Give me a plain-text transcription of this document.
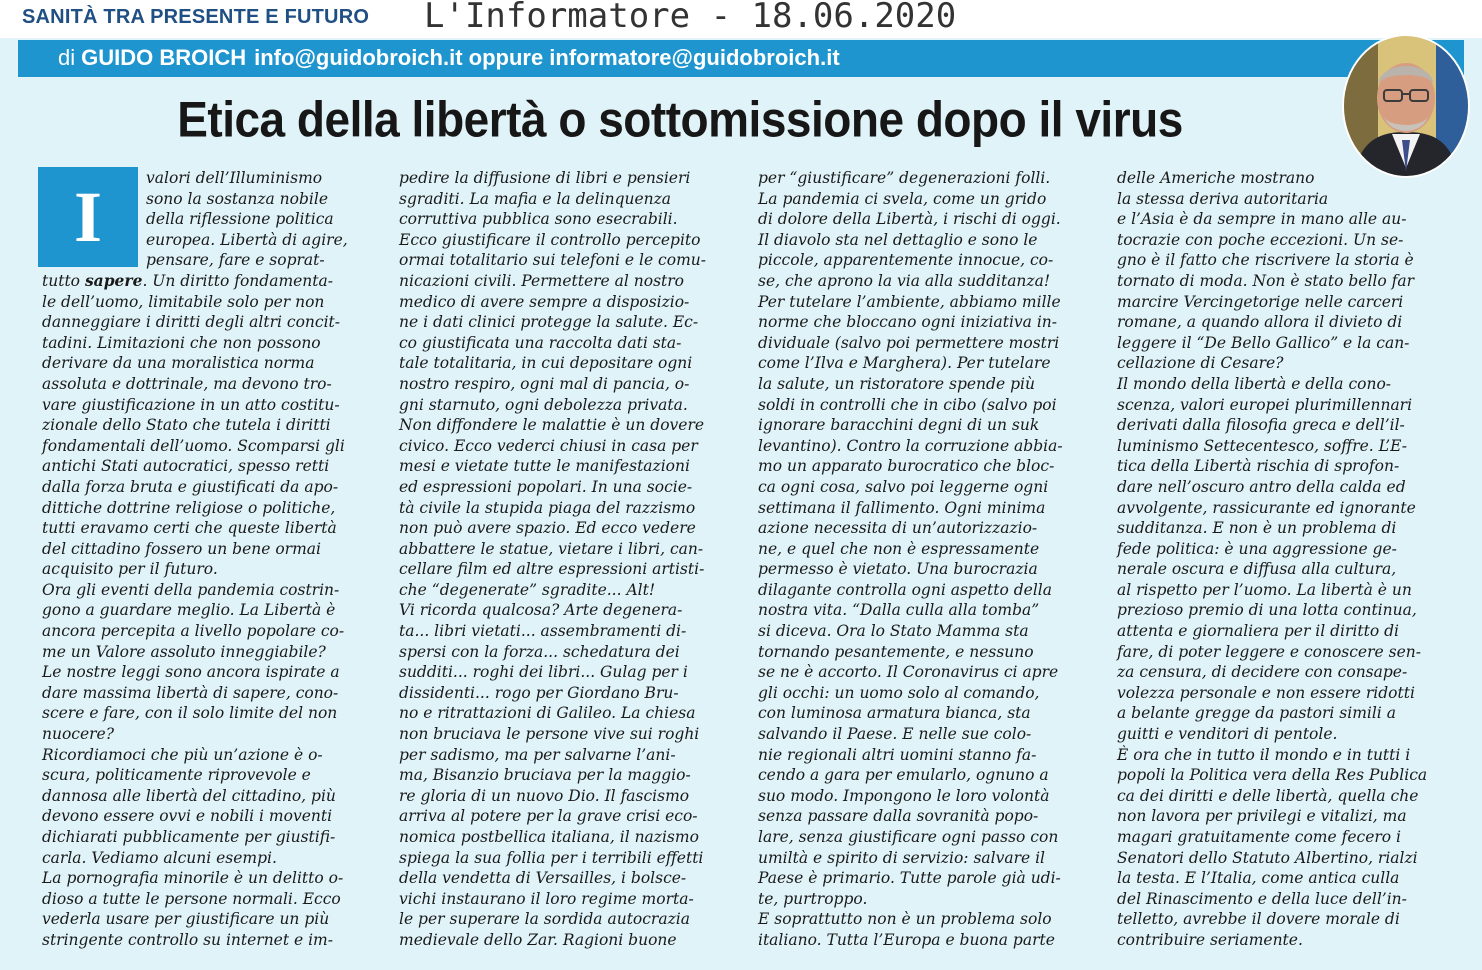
SANITÀ TRA PRESENTE E FUTURO L'Informatore - 18.06.2020
di GUIDO BROICH info@guidobroich.it oppure informatore@guidobroich.it
Etica della libertà o sottomissione dopo il virus
I	valori dell’Illuminismo
sono la sostanza nobile
della riflessione politica
europea. Libertà di agire,
pensare, fare e soprat-
tutto sapere. Un diritto fondamenta-
le dell’uomo, limitabile solo per non
danneggiare i diritti degli altri concit-
tadini. Limitazioni che non possono
derivare da una moralistica norma
assoluta e dottrinale, ma devono tro-
vare giustificazione in un atto costitu-
zionale dello Stato che tutela i diritti
fondamentali dell’uomo. Scomparsi gli
antichi Stati autocratici, spesso retti
dalla forza bruta e giustificati da apo-
dittiche dottrine religiose o politiche,
tutti eravamo certi che queste libertà
del cittadino fossero un bene ormai
acquisito per il futuro.
Ora gli eventi della pandemia costrin-
gono a guardare meglio. La Libertà è
ancora percepita a livello popolare co-
me un Valore assoluto inneggiabile?
Le nostre leggi sono ancora ispirate a
dare massima libertà di sapere, cono-
scere e fare, con il solo limite del non
nuocere?
Ricordiamoci che più un’azione è o-
scura, politicamente riprovevole e
dannosa alle libertà del cittadino, più
devono essere ovvi e nobili i moventi
dichiarati pubblicamente per giustifi-
carla. Vediamo alcuni esempi.
La pornografia minorile è un delitto o-
dioso a tutte le persone normali. Ecco
vederla usare per giustificare un più
stringente controllo su internet e im-
pedire la diffusione di libri e pensieri
sgraditi. La mafia e la delinquenza
corruttiva pubblica sono esecrabili.
Ecco giustificare il controllo percepito
ormai totalitario sui telefoni e le comu-
nicazioni civili. Permettere al nostro
medico di avere sempre a disposizio-
ne i dati clinici protegge la salute. Ec-
co giustificata una raccolta dati sta-
tale totalitaria, in cui depositare ogni
nostro respiro, ogni mal di pancia, o-
gni starnuto, ogni debolezza privata.
Non diffondere le malattie è un dovere
civico. Ecco vederci chiusi in casa per
mesi e vietate tutte le manifestazioni
ed espressioni popolari. In una socie-
tà civile la stupida piaga del razzismo
non può avere spazio. Ed ecco vedere
abbattere le statue, vietare i libri, can-
cellare film ed altre espressioni artisti-
che “degenerate” sgradite... Alt!
Vi ricorda qualcosa? Arte degenera-
ta... libri vietati... assembramenti di-
spersi con la forza... schedatura dei
sudditi... roghi dei libri... Gulag per i
dissidenti... rogo per Giordano Bru-
no e ritrattazioni di Galileo. La chiesa
non bruciava le persone vive sui roghi
per sadismo, ma per salvarne l’ani-
ma, Bisanzio bruciava per la maggio-
re gloria di un nuovo Dio. Il fascismo
arriva al potere per la grave crisi eco-
nomica postbellica italiana, il nazismo
spiega la sua follia per i terribili effetti
della vendetta di Versailles, i bolsce-
vichi instaurano il loro regime morta-
le per superare la sordida autocrazia
medievale dello Zar. Ragioni buone
per “giustificare” degenerazioni folli.
La pandemia ci svela, come un grido
di dolore della Libertà, i rischi di oggi.
Il diavolo sta nel dettaglio e sono le
piccole, apparentemente innocue, co-
se, che aprono la via alla sudditanza!
Per tutelare l’ambiente, abbiamo mille
norme che bloccano ogni iniziativa in-
dividuale (salvo poi permettere mostri
come l’Ilva e Marghera). Per tutelare
la salute, un ristoratore spende più
soldi in controlli che in cibo (salvo poi
ignorare baracchini degni di un suk
levantino). Contro la corruzione abbia-
mo un apparato burocratico che bloc-
ca ogni cosa, salvo poi leggerne ogni
settimana il fallimento. Ogni minima
azione necessita di un’autorizzazio-
ne, e quel che non è espressamente
permesso è vietato. Una burocrazia
dilagante controlla ogni aspetto della
nostra vita. “Dalla culla alla tomba”
si diceva. Ora lo Stato Mamma sta
tornando pesantemente, e nessuno
se ne è accorto. Il Coronavirus ci apre
gli occhi: un uomo solo al comando,
con luminosa armatura bianca, sta
salvando il Paese. E nelle sue colo-
nie regionali altri uomini stanno fa-
cendo a gara per emularlo, ognuno a
suo modo. Impongono le loro volontà
senza passare dalla sovranità popo-
lare, senza giustificare ogni passo con
umiltà e spirito di servizio: salvare il
Paese è primario. Tutte parole già udi-
te, purtroppo.
E soprattutto non è un problema solo
italiano. Tutta l’Europa e buona parte
delle Americhe mostrano
la stessa deriva autoritaria
e l’Asia è da sempre in mano alle au-
tocrazie con poche eccezioni. Un se-
gno è il fatto che riscrivere la storia è
tornato di moda. Non è stato bello far
marcire Vercingetorige nelle carceri
romane, a quando allora il divieto di
leggere il “De Bello Gallico” e la can-
cellazione di Cesare?
Il mondo della libertà e della cono-
scenza, valori europei plurimillennari
derivati dalla filosofia greca e dell’il-
luminismo Settecentesco, soffre. L’E-
tica della Libertà rischia di sprofon-
dare nell’oscuro antro della calda ed
avvolgente, rassicurante ed ignorante
sudditanza. E non è un problema di
fede politica: è una aggressione ge-
nerale oscura e diffusa alla cultura,
al rispetto per l’uomo. La libertà è un
prezioso premio di una lotta continua,
attenta e giornaliera per il diritto di
fare, di poter leggere e conoscere sen-
za censura, di decidere con consape-
volezza personale e non essere ridotti
a belante gregge da pastori simili a
guitti e venditori di pentole.
È ora che in tutto il mondo e in tutti i
popoli la Politica vera della Res Publica
ca dei diritti e delle libertà, quella che
non lavora per privilegi e vitalizi, ma
magari gratuitamente come fecero i
Senatori dello Statuto Albertino, rialzi
la testa. E l’Italia, come antica culla
del Rinascimento e della luce dell’in-
telletto, avrebbe il dovere morale di
contribuire seriamente.
